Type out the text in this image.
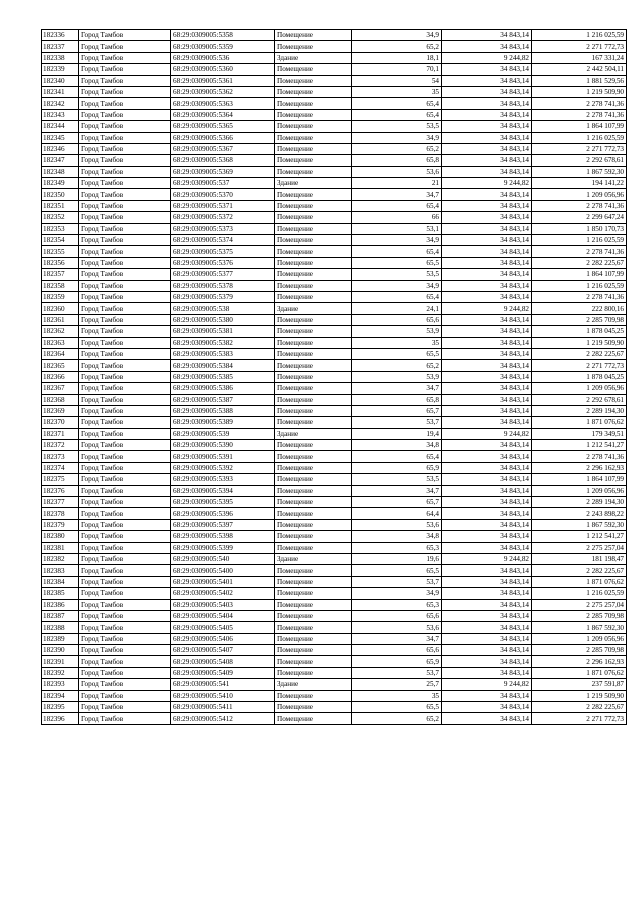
182336	Город Тамбов	68:29:0309005:5358	Помещение	34,9	34 843,14	1 216 025,59
182337	Город Тамбов	68:29:0309005:5359	Помещение	65,2	34 843,14	2 271 772,73
182338	Город Тамбов	68:29:0309005:536	Здание	18,1	9 244,82	167 331,24
182339	Город Тамбов	68:29:0309005:5360	Помещение	70,1	34 843,14	2 442 504,11
182340	Город Тамбов	68:29:0309005:5361	Помещение	54	34 843,14	1 881 529,56
182341	Город Тамбов	68:29:0309005:5362	Помещение	35	34 843,14	1 219 509,90
182342	Город Тамбов	68:29:0309005:5363	Помещение	65,4	34 843,14	2 278 741,36
182343	Город Тамбов	68:29:0309005:5364	Помещение	65,4	34 843,14	2 278 741,36
182344	Город Тамбов	68:29:0309005:5365	Помещение	53,5	34 843,14	1 864 107,99
182345	Город Тамбов	68:29:0309005:5366	Помещение	34,9	34 843,14	1 216 025,59
182346	Город Тамбов	68:29:0309005:5367	Помещение	65,2	34 843,14	2 271 772,73
182347	Город Тамбов	68:29:0309005:5368	Помещение	65,8	34 843,14	2 292 678,61
182348	Город Тамбов	68:29:0309005:5369	Помещение	53,6	34 843,14	1 867 592,30
182349	Город Тамбов	68:29:0309005:537	Здание	21	9 244,82	194 141,22
182350	Город Тамбов	68:29:0309005:5370	Помещение	34,7	34 843,14	1 209 056,96
182351	Город Тамбов	68:29:0309005:5371	Помещение	65,4	34 843,14	2 278 741,36
182352	Город Тамбов	68:29:0309005:5372	Помещение	66	34 843,14	2 299 647,24
182353	Город Тамбов	68:29:0309005:5373	Помещение	53,1	34 843,14	1 850 170,73
182354	Город Тамбов	68:29:0309005:5374	Помещение	34,9	34 843,14	1 216 025,59
182355	Город Тамбов	68:29:0309005:5375	Помещение	65,4	34 843,14	2 278 741,36
182356	Город Тамбов	68:29:0309005:5376	Помещение	65,5	34 843,14	2 282 225,67
182357	Город Тамбов	68:29:0309005:5377	Помещение	53,5	34 843,14	1 864 107,99
182358	Город Тамбов	68:29:0309005:5378	Помещение	34,9	34 843,14	1 216 025,59
182359	Город Тамбов	68:29:0309005:5379	Помещение	65,4	34 843,14	2 278 741,36
182360	Город Тамбов	68:29:0309005:538	Здание	24,1	9 244,82	222 800,16
182361	Город Тамбов	68:29:0309005:5380	Помещение	65,6	34 843,14	2 285 709,98
182362	Город Тамбов	68:29:0309005:5381	Помещение	53,9	34 843,14	1 878 045,25
182363	Город Тамбов	68:29:0309005:5382	Помещение	35	34 843,14	1 219 509,90
182364	Город Тамбов	68:29:0309005:5383	Помещение	65,5	34 843,14	2 282 225,67
182365	Город Тамбов	68:29:0309005:5384	Помещение	65,2	34 843,14	2 271 772,73
182366	Город Тамбов	68:29:0309005:5385	Помещение	53,9	34 843,14	1 878 045,25
182367	Город Тамбов	68:29:0309005:5386	Помещение	34,7	34 843,14	1 209 056,96
182368	Город Тамбов	68:29:0309005:5387	Помещение	65,8	34 843,14	2 292 678,61
182369	Город Тамбов	68:29:0309005:5388	Помещение	65,7	34 843,14	2 289 194,30
182370	Город Тамбов	68:29:0309005:5389	Помещение	53,7	34 843,14	1 871 076,62
182371	Город Тамбов	68:29:0309005:539	Здание	19,4	9 244,82	179 349,51
182372	Город Тамбов	68:29:0309005:5390	Помещение	34,8	34 843,14	1 212 541,27
182373	Город Тамбов	68:29:0309005:5391	Помещение	65,4	34 843,14	2 278 741,36
182374	Город Тамбов	68:29:0309005:5392	Помещение	65,9	34 843,14	2 296 162,93
182375	Город Тамбов	68:29:0309005:5393	Помещение	53,5	34 843,14	1 864 107,99
182376	Город Тамбов	68:29:0309005:5394	Помещение	34,7	34 843,14	1 209 056,96
182377	Город Тамбов	68:29:0309005:5395	Помещение	65,7	34 843,14	2 289 194,30
182378	Город Тамбов	68:29:0309005:5396	Помещение	64,4	34 843,14	2 243 898,22
182379	Город Тамбов	68:29:0309005:5397	Помещение	53,6	34 843,14	1 867 592,30
182380	Город Тамбов	68:29:0309005:5398	Помещение	34,8	34 843,14	1 212 541,27
182381	Город Тамбов	68:29:0309005:5399	Помещение	65,3	34 843,14	2 275 257,04
182382	Город Тамбов	68:29:0309005:540	Здание	19,6	9 244,82	181 198,47
182383	Город Тамбов	68:29:0309005:5400	Помещение	65,5	34 843,14	2 282 225,67
182384	Город Тамбов	68:29:0309005:5401	Помещение	53,7	34 843,14	1 871 076,62
182385	Город Тамбов	68:29:0309005:5402	Помещение	34,9	34 843,14	1 216 025,59
182386	Город Тамбов	68:29:0309005:5403	Помещение	65,3	34 843,14	2 275 257,04
182387	Город Тамбов	68:29:0309005:5404	Помещение	65,6	34 843,14	2 285 709,98
182388	Город Тамбов	68:29:0309005:5405	Помещение	53,6	34 843,14	1 867 592,30
182389	Город Тамбов	68:29:0309005:5406	Помещение	34,7	34 843,14	1 209 056,96
182390	Город Тамбов	68:29:0309005:5407	Помещение	65,6	34 843,14	2 285 709,98
182391	Город Тамбов	68:29:0309005:5408	Помещение	65,9	34 843,14	2 296 162,93
182392	Город Тамбов	68:29:0309005:5409	Помещение	53,7	34 843,14	1 871 076,62
182393	Город Тамбов	68:29:0309005:541	Здание	25,7	9 244,82	237 591,87
182394	Город Тамбов	68:29:0309005:5410	Помещение	35	34 843,14	1 219 509,90
182395	Город Тамбов	68:29:0309005:5411	Помещение	65,5	34 843,14	2 282 225,67
182396	Город Тамбов	68:29:0309005:5412	Помещение	65,2	34 843,14	2 271 772,73
